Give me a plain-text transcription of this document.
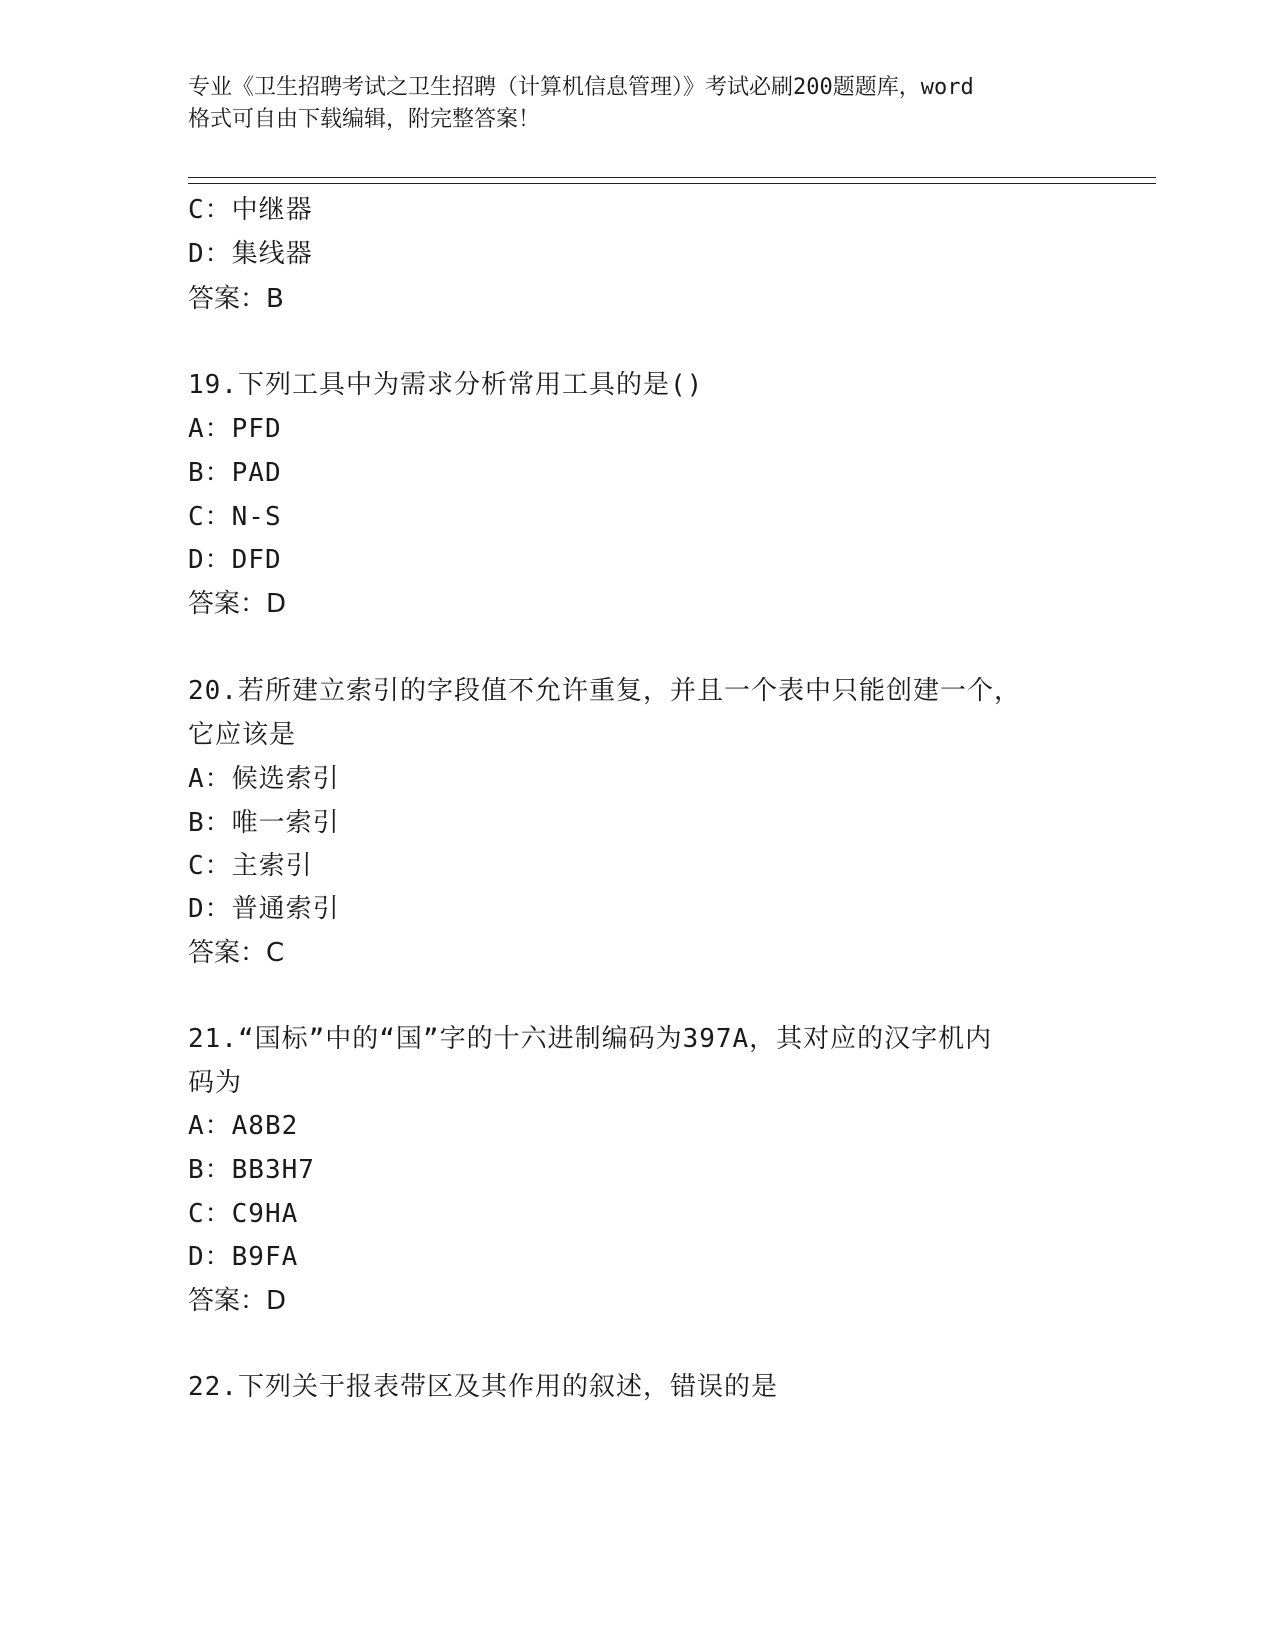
专业《卫生招聘考试之卫生招聘（计算机信息管理）》考试必刷200题题库，word
格式可自由下载编辑，附完整答案！
C：中继器
D：集线器
答案：B
19.下列工具中为需求分析常用工具的是()
A：PFD
B：PAD
C：N-S
D：DFD
答案：D
20.若所建立索引的字段值不允许重复，并且一个表中只能创建一个，
它应该是
A：候选索引
B：唯一索引
C：主索引
D：普通索引
答案：C
21.“国标”中的“国”字的十六进制编码为397A，其对应的汉字机内
码为
A：A8B2
B：BB3H7
C：C9HA
D：B9FA
答案：D
22.下列关于报表带区及其作用的叙述，错误的是
